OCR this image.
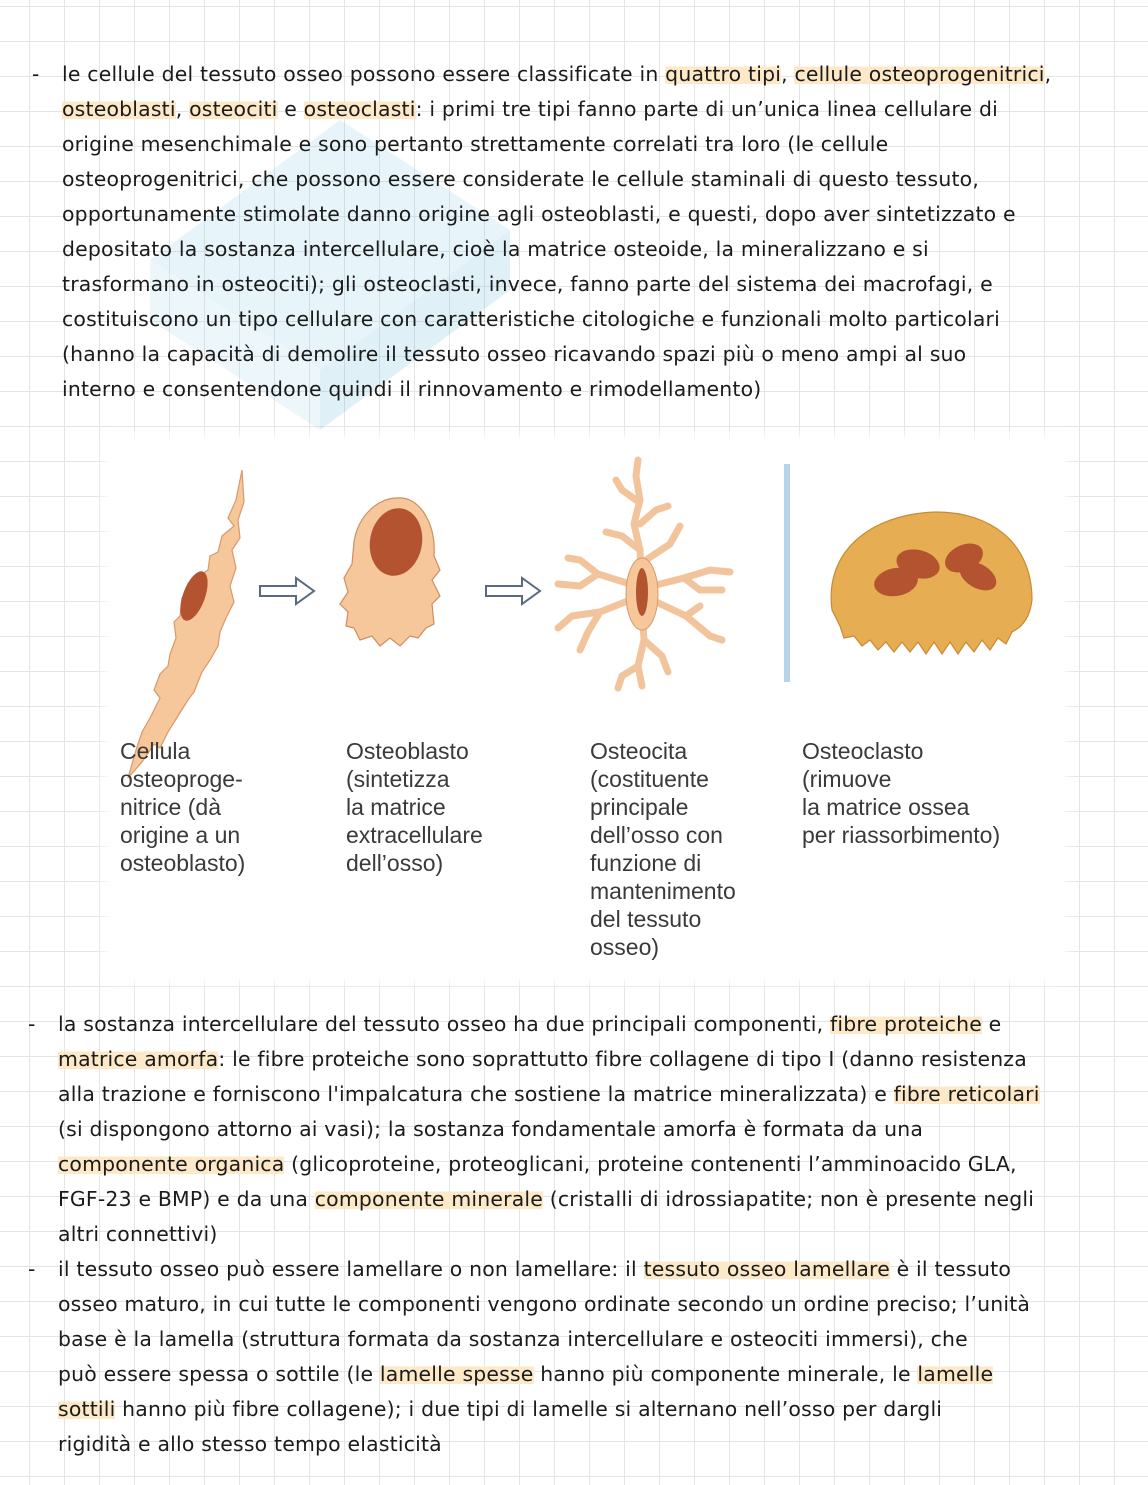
- le cellule del tessuto osseo possono essere classificate in quattro tipi, cellule osteoprogenitrici,
osteoblasti, osteociti e osteoclasti: i primi tre tipi fanno parte di un’unica linea cellulare di
origine mesenchimale e sono pertanto strettamente correlati tra loro (le cellule
osteoprogenitrici, che possono essere considerate le cellule staminali di questo tessuto,
opportunamente stimolate danno origine agli osteoblasti, e questi, dopo aver sintetizzato e
depositato la sostanza intercellulare, cioè la matrice osteoide, la mineralizzano e si
trasformano in osteociti); gli osteoclasti, invece, fanno parte del sistema dei macrofagi, e
costituiscono un tipo cellulare con caratteristiche citologiche e funzionali molto particolari
(hanno la capacità di demolire il tessuto osseo ricavando spazi più o meno ampi al suo
interno e consentendone quindi il rinnovamento e rimodellamento)
Cellula
osteoproge-
nitrice (dà
origine a un
osteoblasto)
Osteoblasto
(sintetizza
la matrice
extracellulare
dell’osso)
Osteocita
(costituente
principale
dell’osso con
funzione di
mantenimento
del tessuto
osseo)
Osteoclasto
(rimuove
la matrice ossea
per riassorbimento)
- la sostanza intercellulare del tessuto osseo ha due principali componenti, fibre proteiche e
matrice amorfa: le fibre proteiche sono soprattutto fibre collagene di tipo I (danno resistenza
alla trazione e forniscono l'impalcatura che sostiene la matrice mineralizzata) e fibre reticolari
(si dispongono attorno ai vasi); la sostanza fondamentale amorfa è formata da una
componente organica (glicoproteine, proteoglicani, proteine contenenti l’amminoacido GLA,
FGF-23 e BMP) e da una componente minerale (cristalli di idrossiapatite; non è presente negli
altri connettivi)
- il tessuto osseo può essere lamellare o non lamellare: il tessuto osseo lamellare è il tessuto
osseo maturo, in cui tutte le componenti vengono ordinate secondo un ordine preciso; l’unità
base è la lamella (struttura formata da sostanza intercellulare e osteociti immersi), che
può essere spessa o sottile (le lamelle spesse hanno più componente minerale, le lamelle
sottili hanno più fibre collagene); i due tipi di lamelle si alternano nell’osso per dargli
rigidità e allo stesso tempo elasticità
